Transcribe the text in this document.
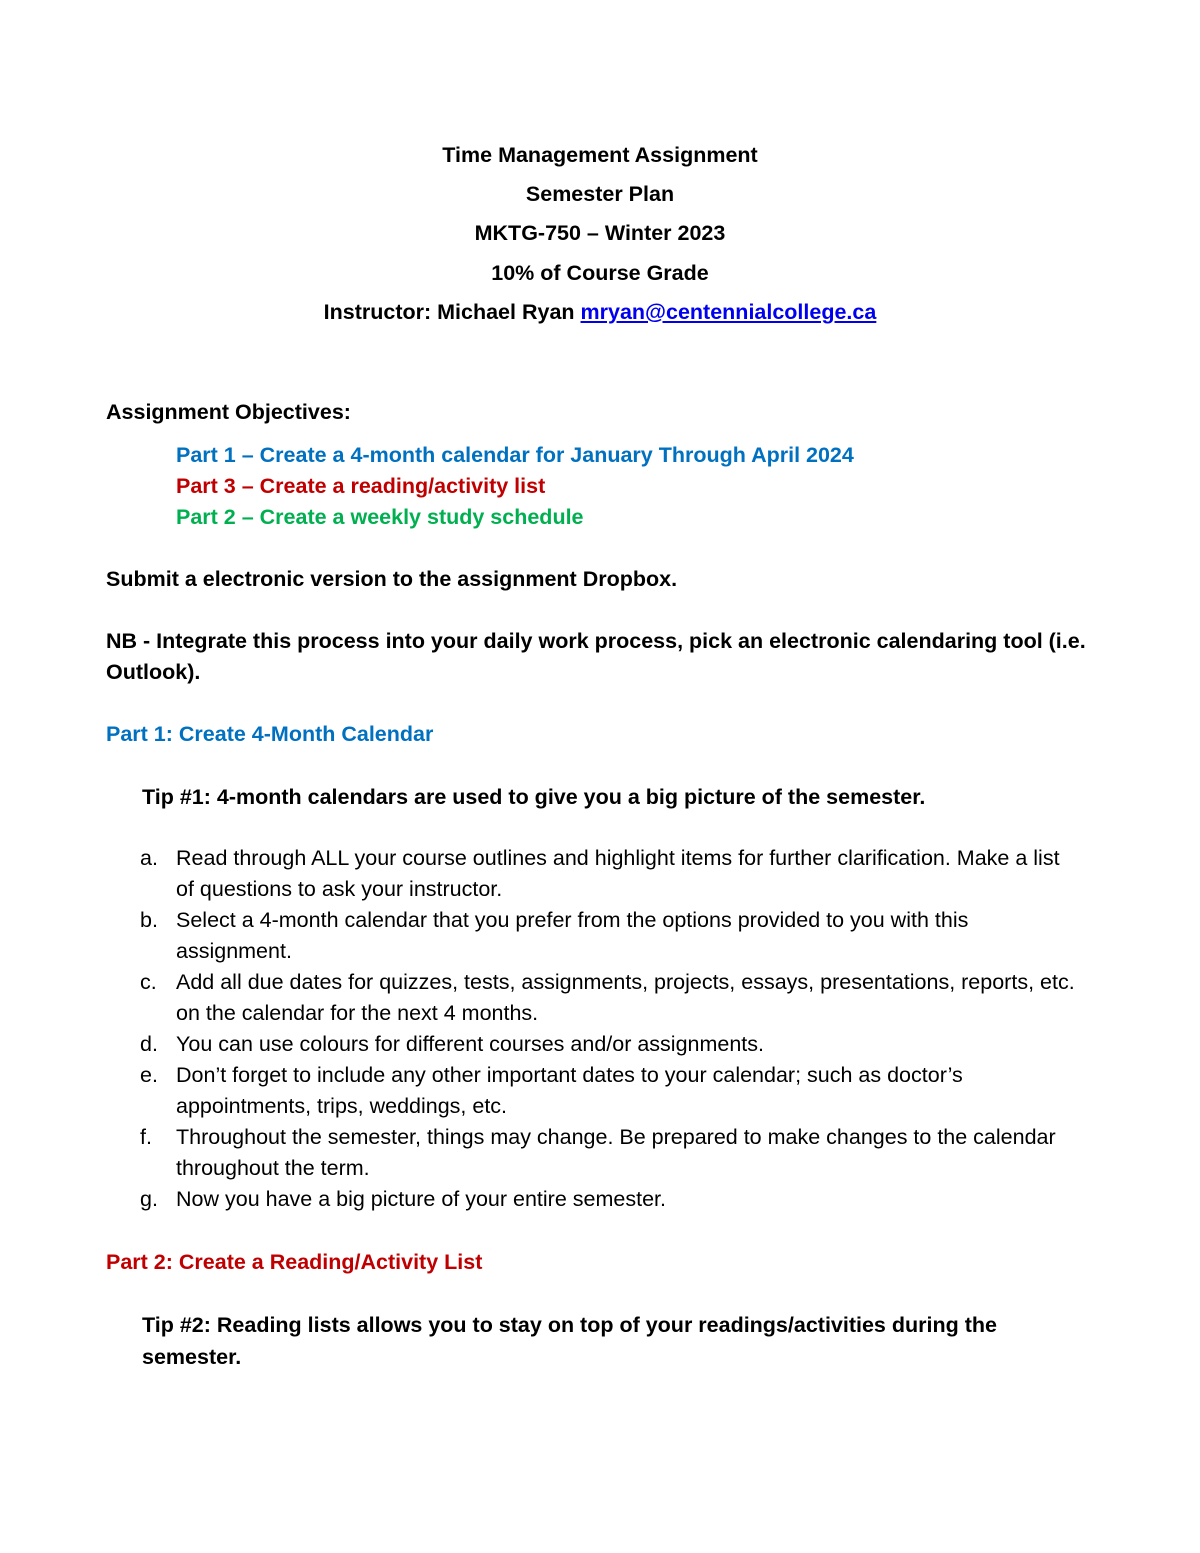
Time Management Assignment
Semester Plan
MKTG-750 – Winter 2023
10% of Course Grade
Instructor: Michael Ryan mryan@centennialcollege.ca
Assignment Objectives:
Part 1 – Create a 4-month calendar for January Through April 2024
Part 3 – Create a reading/activity list
Part 2 – Create a weekly study schedule
Submit a electronic version to the assignment Dropbox.
NB - Integrate this process into your daily work process, pick an electronic calendaring tool (i.e. Outlook).
Part 1: Create 4-Month Calendar
Tip #1: 4-month calendars are used to give you a big picture of the semester.
a. Read through ALL your course outlines and highlight items for further clarification. Make a list of questions to ask your instructor.
b. Select a 4-month calendar that you prefer from the options provided to you with this assignment.
c. Add all due dates for quizzes, tests, assignments, projects, essays, presentations, reports, etc. on the calendar for the next 4 months.
d. You can use colours for different courses and/or assignments.
e. Don’t forget to include any other important dates to your calendar; such as doctor’s appointments, trips, weddings, etc.
f.	Throughout the semester, things may change. Be prepared to make changes to the calendar throughout the term.
g. Now you have a big picture of your entire semester.
Part 2: Create a Reading/Activity List
Tip #2: Reading lists allows you to stay on top of your readings/activities during the semester.
